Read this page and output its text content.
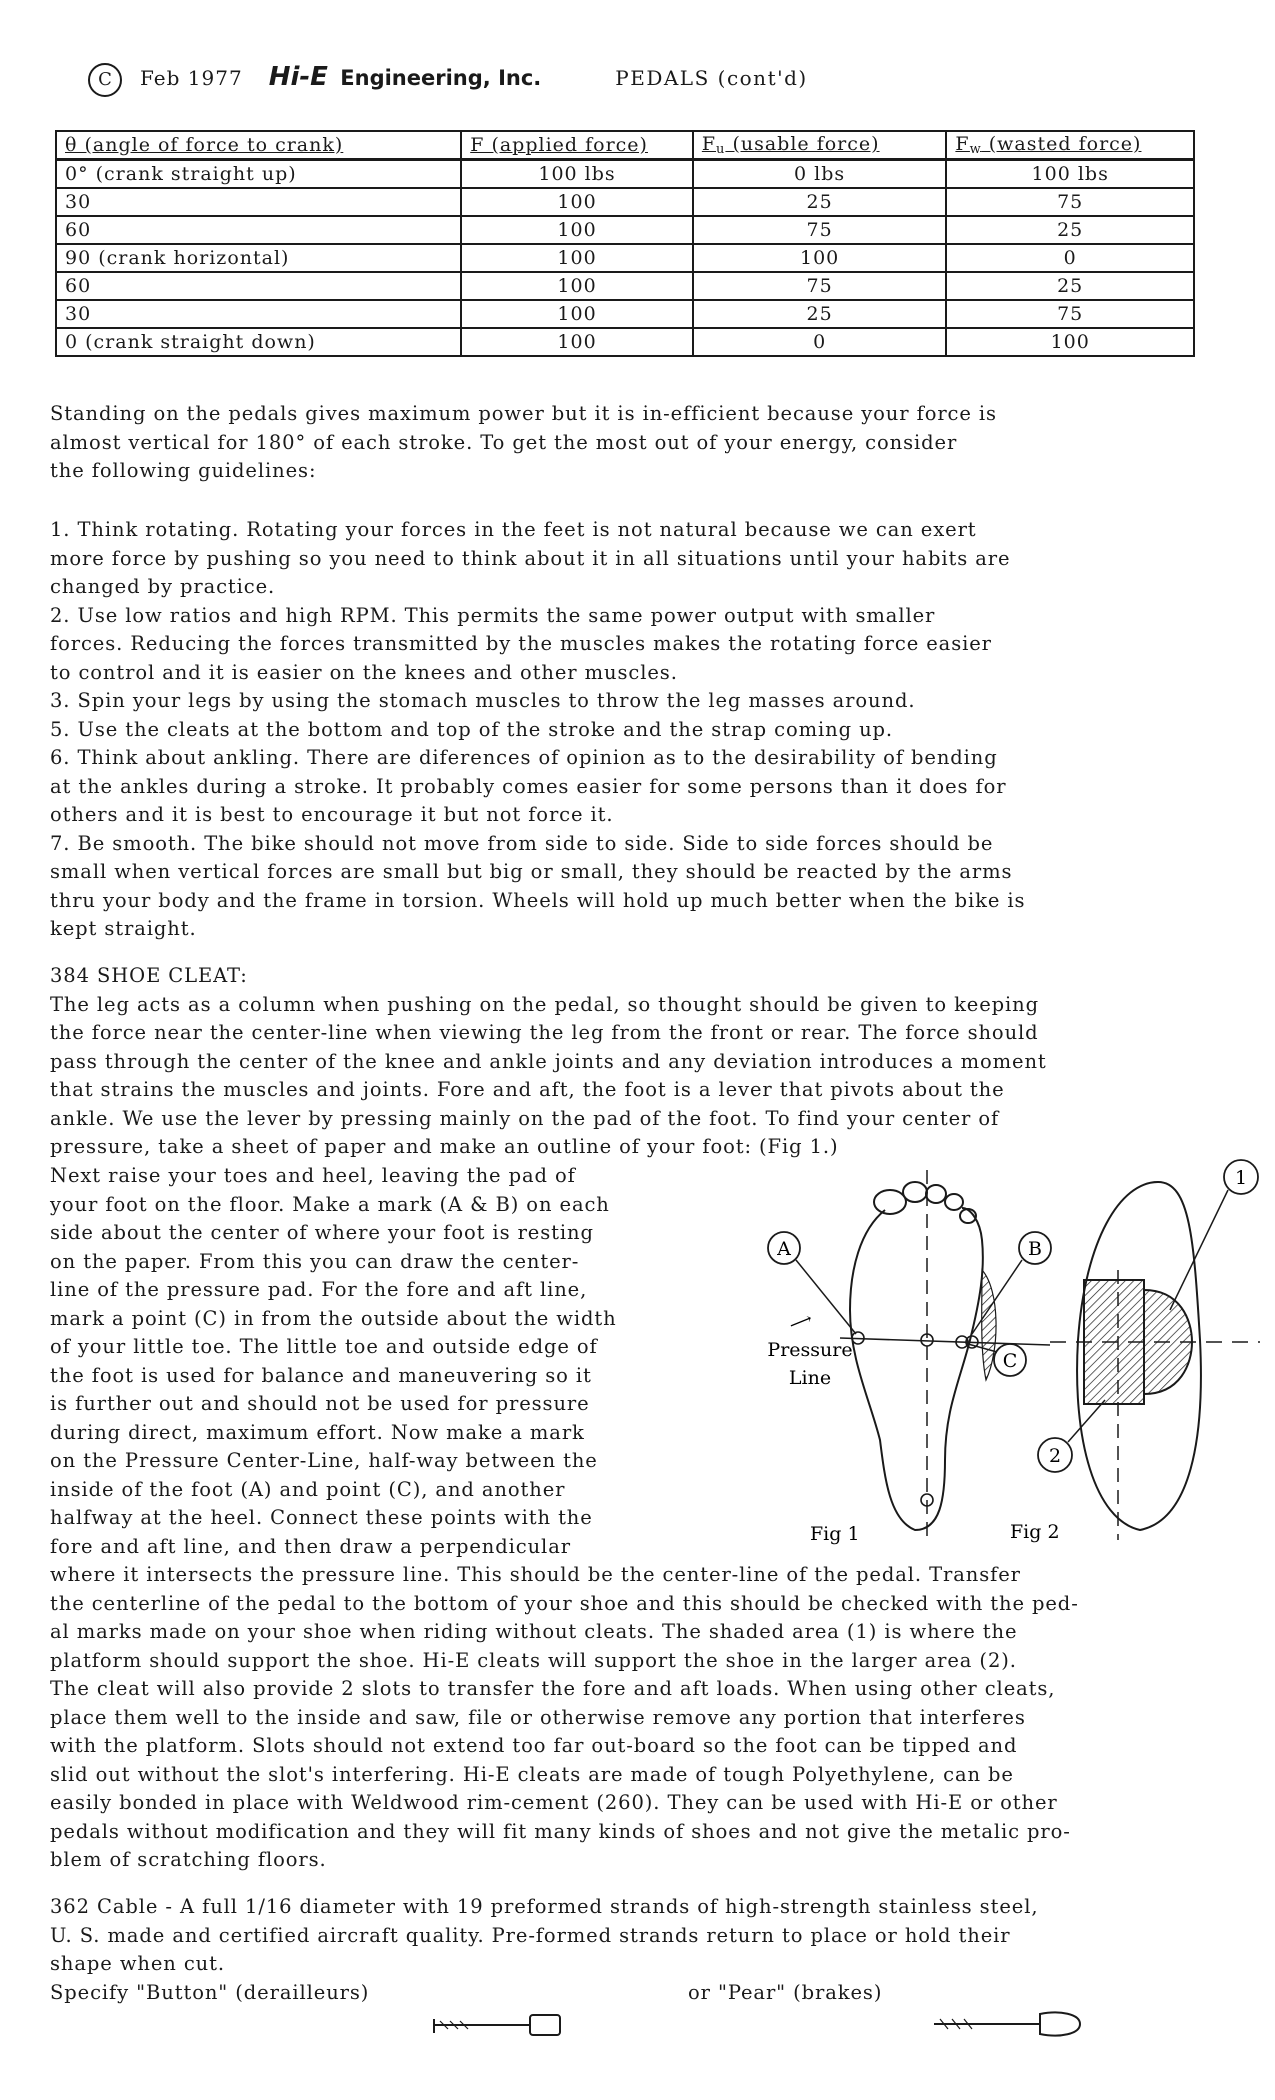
C Feb 1977 Hi-E Engineering, Inc.	PEDALS (cont'd)
θ (angle of force to crank)	F (applied force)	$F_u$ (usable force)	$F_w$ (wasted force)
0° (crank straight up)	100 lbs	0 lbs	100 lbs
30	100	25	75
60	100	75	25
90 (crank horizontal)	100	100	0
60	100	75	25
30	100	25	75
0 (crank straight down)	100	0	100

Standing on the pedals gives maximum power but it is in-efficient because your force is

almost vertical for 180° of each stroke. To get the most out of your energy, consider

the following guidelines:

1. Think rotating. Rotating your forces in the feet is not natural because we can exert

more force by pushing so you need to think about it in all situations until your habits are

changed by practice.

2. Use low ratios and high RPM. This permits the same power output with smaller

forces. Reducing the forces transmitted by the muscles makes the rotating force easier

to control and it is easier on the knees and other muscles.

3. Spin your legs by using the stomach muscles to throw the leg masses around.

5. Use the cleats at the bottom and top of the stroke and the strap coming up.

6. Think about ankling. There are diferences of opinion as to the desirability of bending

at the ankles during a stroke. It probably comes easier for some persons than it does for

others and it is best to encourage it but not force it.

7. Be smooth. The bike should not move from side to side. Side to side forces should be

small when vertical forces are small but big or small, they should be reacted by the arms

thru your body and the frame in torsion. Wheels will hold up much better when the bike is

kept straight.

384 SHOE CLEAT:

The leg acts as a column when pushing on the pedal, so thought should be given to keeping

the force near the center-line when viewing the leg from the front or rear. The force should

pass through the center of the knee and ankle joints and any deviation introduces a moment

that strains the muscles and joints. Fore and aft, the foot is a lever that pivots about the

ankle. We use the lever by pressing mainly on the pad of the foot. To find your center of

pressure, take a sheet of paper and make an outline of your foot: (Fig 1.)

Next raise your toes and heel, leaving the pad of

your foot on the floor. Make a mark (A & B) on each

side about the center of where your foot is resting

on the paper. From this you can draw the center-

line of the pressure pad. For the fore and aft line,

mark a point (C) in from the outside about the width

of your little toe. The little toe and outside edge of

the foot is used for balance and maneuvering so it

is further out and should not be used for pressure

during direct, maximum effort. Now make a mark

on the Pressure Center-Line, half-way between the

inside of the foot (A) and point (C), and another

halfway at the heel. Connect these points with the

fore and aft line, and then draw a perpendicular

A	B
C
⟶
Pressure
Line
1
2
Fig 1	Fig 2

where it intersects the pressure line. This should be the center-line of the pedal. Transfer

the centerline of the pedal to the bottom of your shoe and this should be checked with the ped-

al marks made on your shoe when riding without cleats. The shaded area (1) is where the

platform should support the shoe. Hi-E cleats will support the shoe in the larger area (2).

The cleat will also provide 2 slots to transfer the fore and aft loads. When using other cleats,

place them well to the inside and saw, file or otherwise remove any portion that interferes

with the platform. Slots should not extend too far out-board so the foot can be tipped and

slid out without the slot's interfering. Hi-E cleats are made of tough Polyethylene, can be

easily bonded in place with Weldwood rim-cement (260). They can be used with Hi-E or other

pedals without modification and they will fit many kinds of shoes and not give the metalic pro-

blem of scratching floors.

362 Cable - A full 1/16 diameter with 19 preformed strands of high-strength stainless steel,

U. S. made and certified aircraft quality. Pre-formed strands return to place or hold their

shape when cut.

Specify "Button" (derailleurs)	or "Pear" (brakes)
